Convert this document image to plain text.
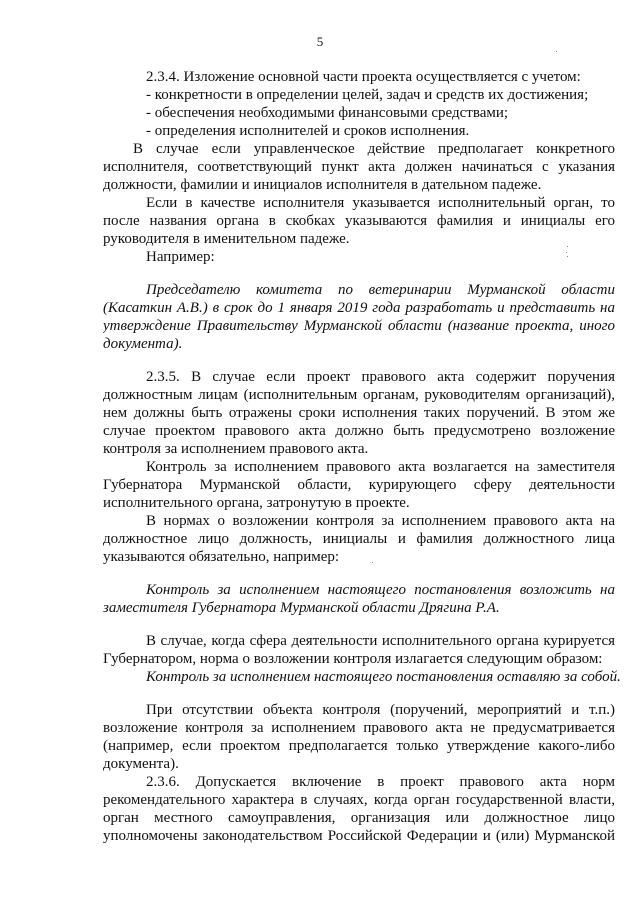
5
2.3.4. Изложение основной части проекта осуществляется с учетом:
- конкретности в определении целей, задач и средств их достижения;
- обеспечения необходимыми финансовыми средствами;
- определения исполнителей и сроков исполнения.
В случае если управленческое действие предполагает конкретного
исполнителя, соответствующий пункт акта должен начинаться с указания
должности, фамилии и инициалов исполнителя в дательном падеже.
Если в качестве исполнителя указывается исполнительный орган, то
после названия органа в скобках указываются фамилия и инициалы его
руководителя в именительном падеже.
Например:
Председателю комитета по ветеринарии Мурманской области
(Касаткин А.В.) в срок до 1 января 2019 года разработать и представить на
утверждение Правительству Мурманской области (название проекта, иного
документа).
2.3.5. В случае если проект правового акта содержит поручения
должностным лицам (исполнительным органам, руководителям организаций),
нем должны быть отражены сроки исполнения таких поручений. В этом же
случае проектом правового акта должно быть предусмотрено возложение
контроля за исполнением правового акта.
Контроль за исполнением правового акта возлагается на заместителя
Губернатора Мурманской области, курирующего сферу деятельности
исполнительного органа, затронутую в проекте.
В нормах о возложении контроля за исполнением правового акта на
должностное лицо должность, инициалы и фамилия должностного лица
указываются обязательно, например:
Контроль за исполнением настоящего постановления возложить на
заместителя Губернатора Мурманской области Дрягина Р.А.
В случае, когда сфера деятельности исполнительного органа курируется
Губернатором, норма о возложении контроля излагается следующим образом:
Контроль за исполнением настоящего постановления оставляю за собой.
При отсутствии объекта контроля (поручений, мероприятий и т.п.)
возложение контроля за исполнением правового акта не предусматривается
(например, если проектом предполагается только утверждение какого-либо
документа).
2.3.6. Допускается включение в проект правового акта норм
рекомендательного характера в случаях, когда орган государственной власти,
орган местного самоуправления, организация или должностное лицо
уполномочены законодательством Российской Федерации и (или) Мурманской
